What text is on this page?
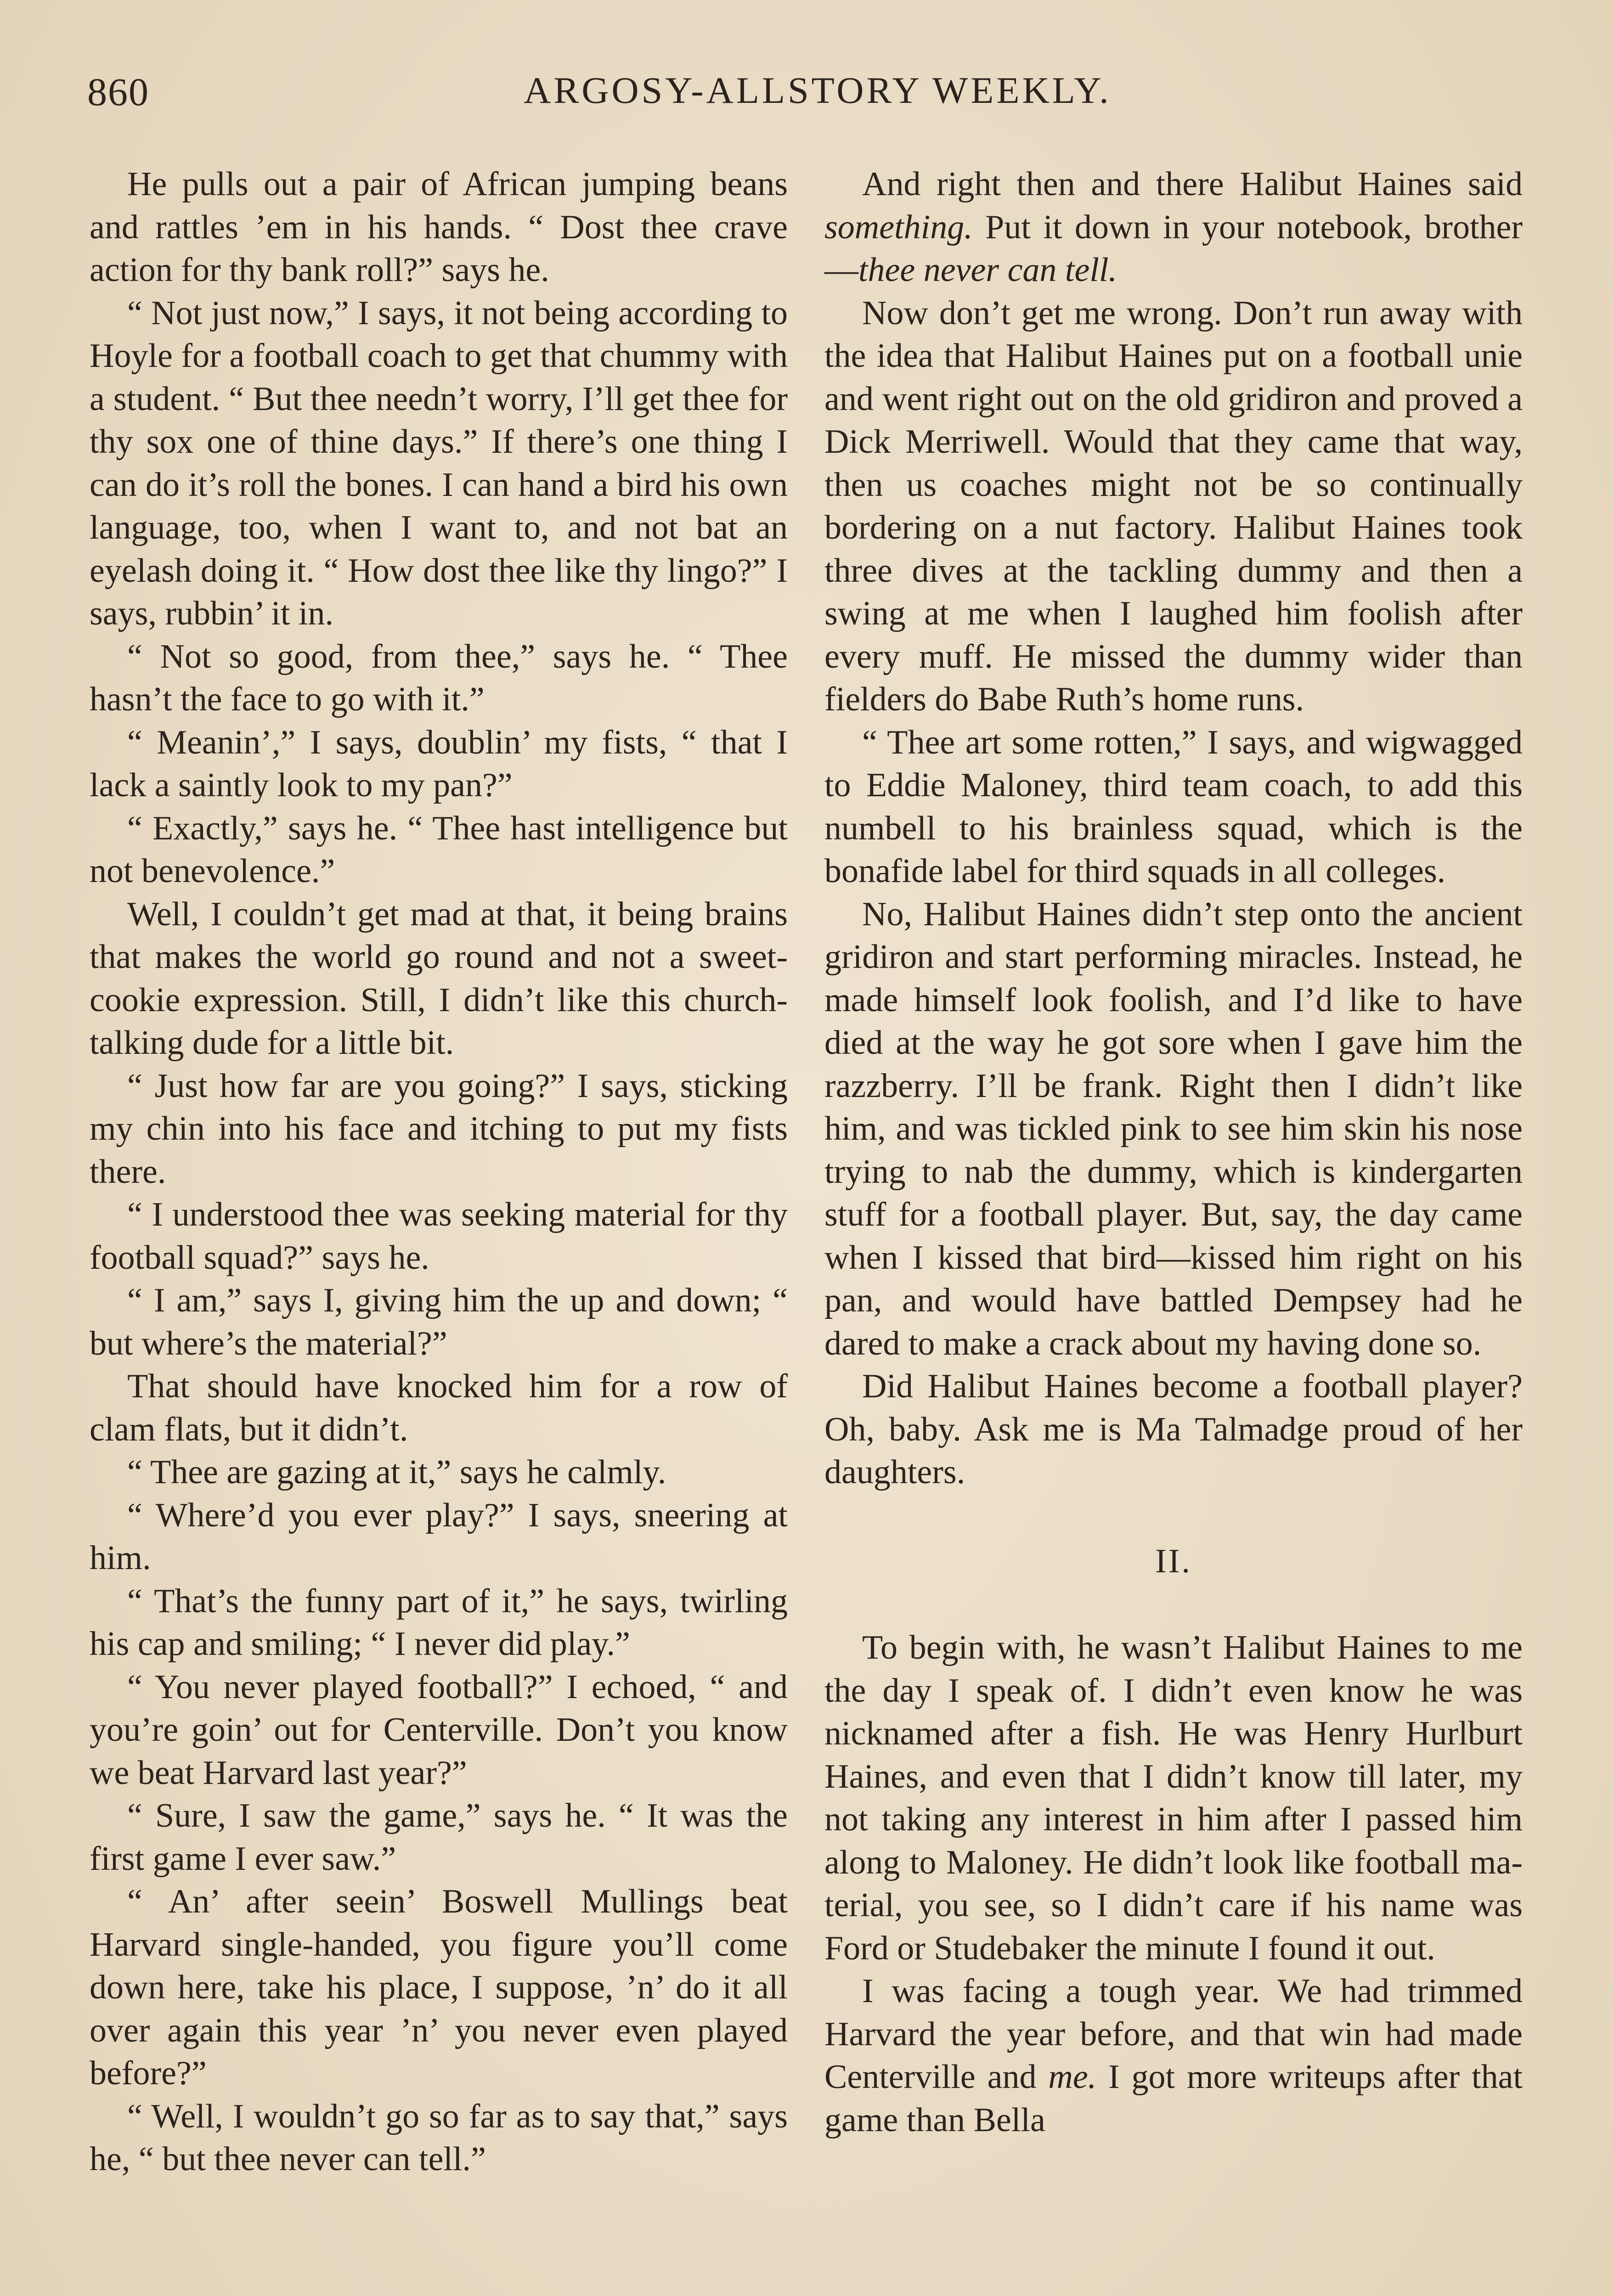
860	ARGOSY-ALLSTORY WEEKLY.

He pulls out a pair of African jumping beans and rattles ’em in his hands. “ Dost thee crave action for thy bank roll?” says he.

“ Not just now,” I says, it not being according to Hoyle for a football coach to get that chummy with a student. “ But thee needn’t worry, I’ll get thee for thy sox one of thine days.” If there’s one thing I can do it’s roll the bones. I can hand a bird his own language, too, when I want to, and not bat an eyelash doing it. “ How dost thee like thy lingo?” I says, rubbin’ it in.

“ Not so good, from thee,” says he. “ Thee hasn’t the face to go with it.”

“ Meanin’,” I says, doublin’ my fists, “ that I lack a saintly look to my pan?”

“ Exactly,” says he. “ Thee hast intelligence but not benevolence.”

Well, I couldn’t get mad at that, it being brains that makes the world go round and not a sweet-cookie expression. Still, I didn’t like this church-talking dude for a little bit.

“ Just how far are you going?” I says, sticking my chin into his face and itching to put my fists there.

“ I understood thee was seeking material for thy football squad?” says he.

“ I am,” says I, giving him the up and down; “ but where’s the material?”

That should have knocked him for a row of clam flats, but it didn’t.

“ Thee are gazing at it,” says he calmly.

“ Where’d you ever play?” I says, sneering at him.

“ That’s the funny part of it,” he says, twirling his cap and smiling; “ I never did play.”

“ You never played football?” I echoed, “ and you’re goin’ out for Centerville. Don’t you know we beat Harvard last year?”

“ Sure, I saw the game,” says he. “ It was the first game I ever saw.”

“ An’ after seein’ Boswell Mullings beat Harvard single-handed, you figure you’ll come down here, take his place, I suppose, ’n’ do it all over again this year ’n’ you never even played before?”

“ Well, I wouldn’t go so far as to say that,” says he, “ but thee never can tell.”

And right then and there Halibut Haines said something. Put it down in your notebook, brother—thee never can tell.

Now don’t get me wrong. Don’t run away with the idea that Halibut Haines put on a football unie and went right out on the old gridiron and proved a Dick Merriwell. Would that they came that way, then us coaches might not be so continually bordering on a nut factory. Halibut Haines took three dives at the tackling dummy and then a swing at me when I laughed him foolish after every muff. He missed the dummy wider than fielders do Babe Ruth’s home runs.

“ Thee art some rotten,” I says, and wigwagged to Eddie Maloney, third team coach, to add this numbell to his brainless squad, which is the bonafide label for third squads in all colleges.

No, Halibut Haines didn’t step onto the ancient gridiron and start performing miracles. Instead, he made himself look foolish, and I’d like to have died at the way he got sore when I gave him the razzberry. I’ll be frank. Right then I didn’t like him, and was tickled pink to see him skin his nose trying to nab the dummy, which is kindergarten stuff for a football player. But, say, the day came when I kissed that bird—kissed him right on his pan, and would have battled Dempsey had he dared to make a crack about my having done so.

Did Halibut Haines become a football player? Oh, baby. Ask me is Ma Talmadge proud of her daughters.

II.

To begin with, he wasn’t Halibut Haines to me the day I speak of. I didn’t even know he was nicknamed after a fish. He was Henry Hurlburt Haines, and even that I didn’t know till later, my not taking any interest in him after I passed him along to Maloney. He didn’t look like football material, you see, so I didn’t care if his name was Ford or Studebaker the minute I found it out.

I was facing a tough year. We had trimmed Harvard the year before, and that win had made Centerville and me. I got more writeups after that game than Bella
